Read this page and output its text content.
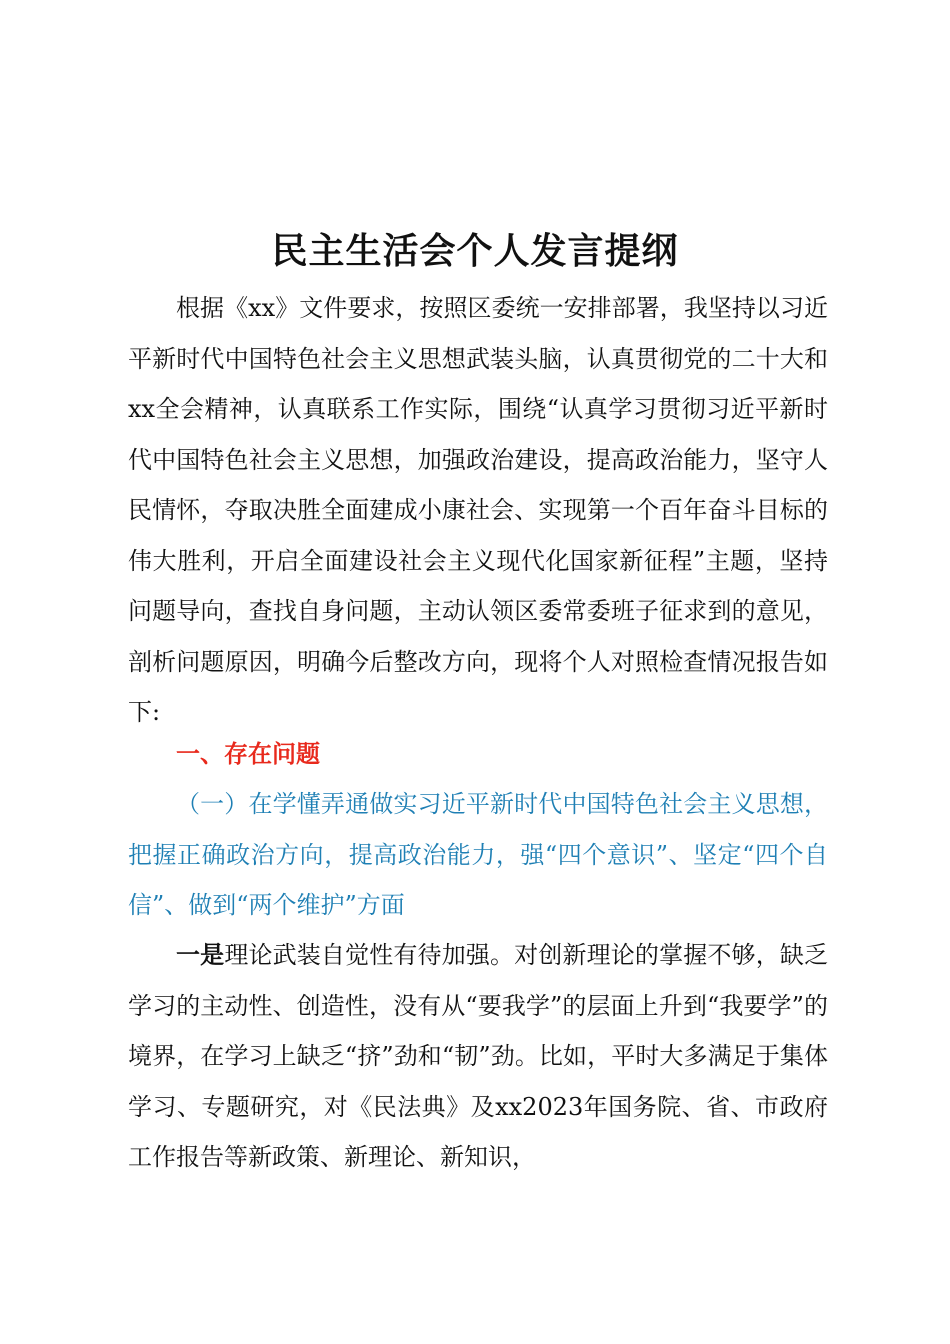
民主生活会个人发言提纲

根据《xx》文件要求，按照区委统一安排部署，我坚持以习近平新时代中国特色社会主义思想武装头脑，认真贯彻党的二十大和xx全会精神，认真联系工作实际，围绕“认真学习贯彻习近平新时代中国特色社会主义思想，加强政治建设，提高政治能力，坚守人民情怀，夺取决胜全面建成小康社会、实现第一个百年奋斗目标的伟大胜利，开启全面建设社会主义现代化国家新征程”主题，坚持问题导向，查找自身问题，主动认领区委常委班子征求到的意见，剖析问题原因，明确今后整改方向，现将个人对照检查情况报告如下:

一、存在问题

（一）在学懂弄通做实习近平新时代中国特色社会主义思想，把握正确政治方向，提高政治能力，强“四个意识”、坚定“四个自信”、做到“两个维护”方面

一是理论武装自觉性有待加强。对创新理论的掌握不够，缺乏学习的主动性、创造性，没有从“要我学”的层面上升到“我要学”的境界，在学习上缺乏“挤”劲和“韧”劲。比如，平时大多满足于集体学习、专题研究，对《民法典》及xx2023年国务院、省、市政府工作报告等新政策、新理论、新知识，
